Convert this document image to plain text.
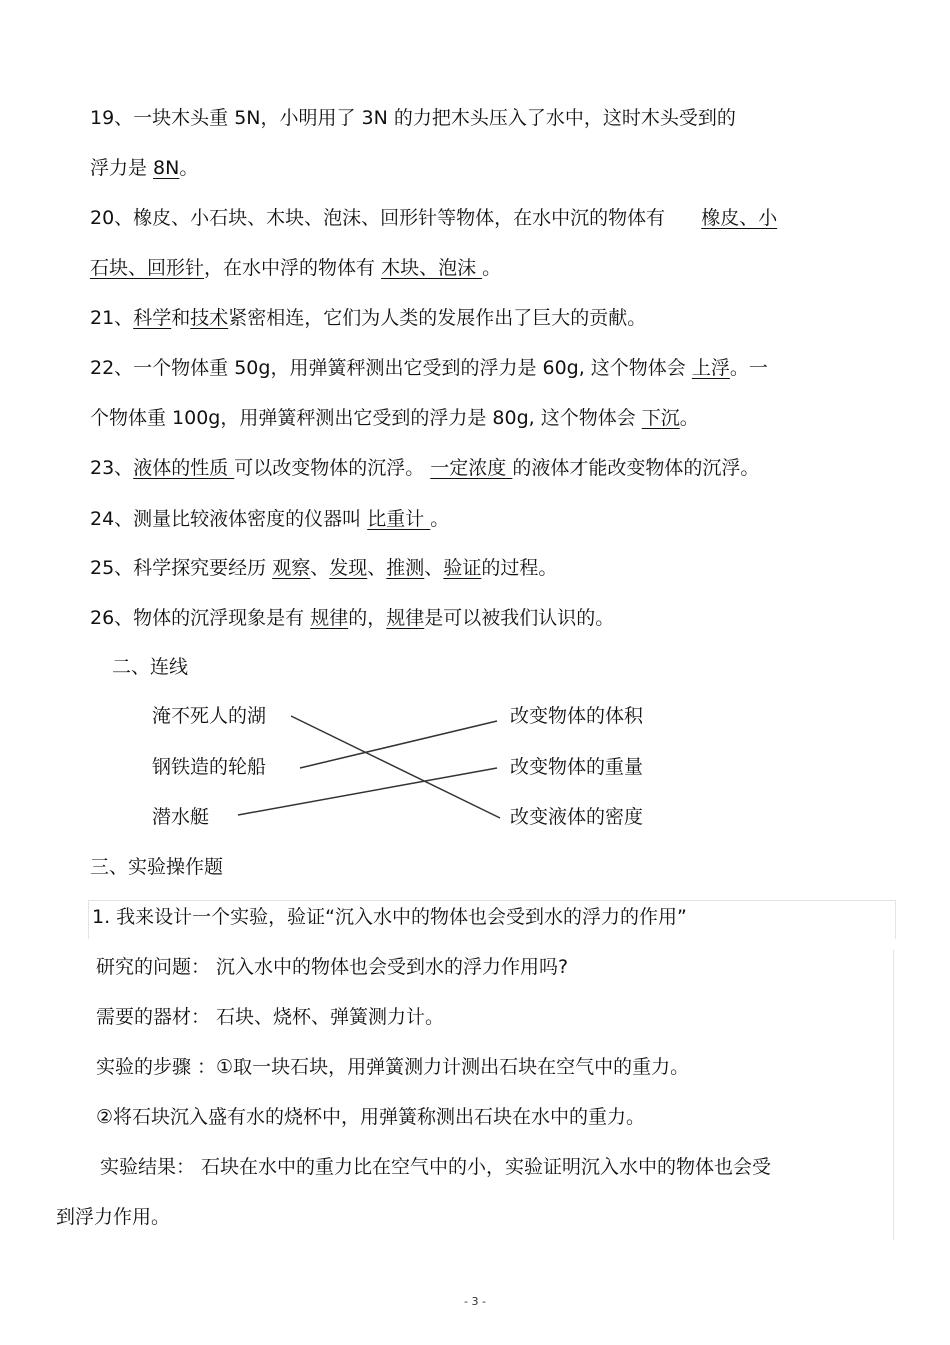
19、一块木头重 5N，小明用了 3N 的力把木头压入了水中，这时木头受到的
浮力是 8N。
20、橡皮、小石块、木块、泡沫、回形针等物体，在水中沉的物体有 橡皮、小
石块、回形针，在水中浮的物体有 木块、泡沫 。
21、科学和技术紧密相连，它们为人类的发展作出了巨大的贡献。
22、一个物体重 50g，用弹簧秤测出它受到的浮力是 60g, 这个物体会 上浮。一
个物体重 100g，用弹簧秤测出它受到的浮力是 80g, 这个物体会 下沉。
23、液体的性质 可以改变物体的沉浮。 一定浓度 的液体才能改变物体的沉浮。
24、测量比较液体密度的仪器叫 比重计 。
25、科学探究要经历 观察、发现、推测、验证的过程。
26、物体的沉浮现象是有 规律的，规律是可以被我们认识的。
二、连线
淹不死人的湖
钢铁造的轮船
潜水艇
改变物体的体积
改变物体的重量
改变液体的密度
三、实验操作题
1. 我来设计一个实验，验证“沉入水中的物体也会受到水的浮力的作用”
研究的问题： 沉入水中的物体也会受到水的浮力作用吗?
需要的器材： 石块、烧杯、弹簧测力计。
实验的步骤 ：①取一块石块，用弹簧测力计测出石块在空气中的重力。
②将石块沉入盛有水的烧杯中，用弹簧称测出石块在水中的重力。
实验结果： 石块在水中的重力比在空气中的小，实验证明沉入水中的物体也会受
到浮力作用。
- 3 -
